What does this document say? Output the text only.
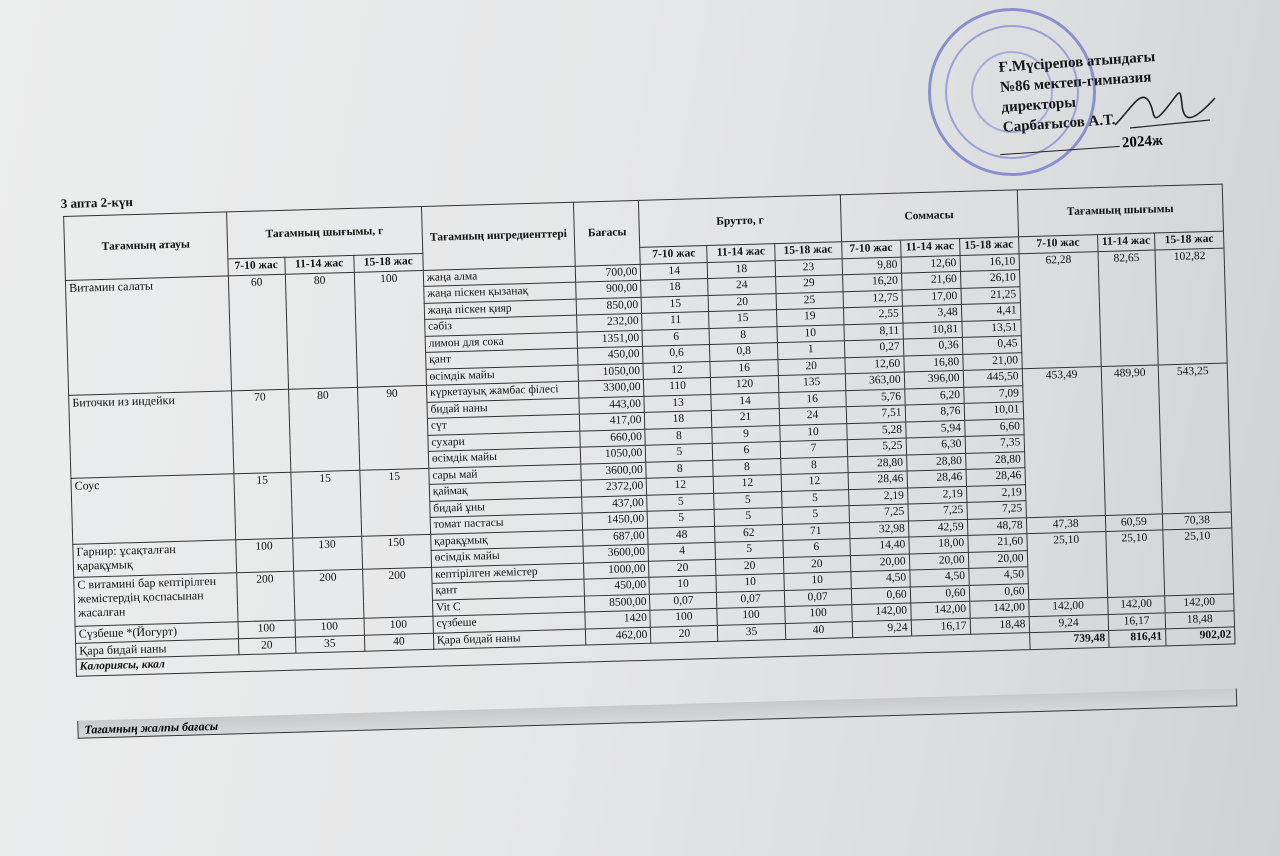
Ғ.Мүсірепов атындағы
№86 мектеп-гимназия
директоры
Сарбағысов А.Т.
2024ж
3 апта 2-күн
Тағамның атауы	Тағамның шығымы, г			Тағамның ингредиенттері	Бағасы	Брутто, г			Соммасы			Тағамның шығымы		
	7-10 жас	11-14 жас	15-18 жас			7-10 жас	11-14 жас	15-18 жас	7-10 жас	11-14 жас	15-18 жас	7-10 жас	11-14 жас	15-18 жас
Витамин салаты	60	80	100	жаңа алма	700,00	14	18	23	9,80	12,60	16,10	62,28	82,65	102,82
				жаңа піскен қызанақ	900,00	18	24	29	16,20	21,60	26,10			
				жаңа піскен қияр	850,00	15	20	25	12,75	17,00	21,25			
				сәбіз	232,00	11	15	19	2,55	3,48	4,41			
				лимон для сока	1351,00	6	8	10	8,11	10,81	13,51			
				қант	450,00	0,6	0,8	1	0,27	0,36	0,45			
				өсімдік майы	1050,00	12	16	20	12,60	16,80	21,00			
Биточки из индейки	70	80	90	күркетауық жамбас філесі	3300,00	110	120	135	363,00	396,00	445,50	453,49	489,90	543,25
				бидай наны	443,00	13	14	16	5,76	6,20	7,09			
				сүт	417,00	18	21	24	7,51	8,76	10,01			
				сухари	660,00	8	9	10	5,28	5,94	6,60			
				өсімдік майы	1050,00	5	6	7	5,25	6,30	7,35			
Соус	15	15	15	сары май	3600,00	8	8	8	28,80	28,80	28,80			
				қаймақ	2372,00	12	12	12	28,46	28,46	28,46			
				бидай ұны	437,00	5	5	5	2,19	2,19	2,19			
				томат пастасы	1450,00	5	5	5	7,25	7,25	7,25			
Гарнир: ұсақталған қарақұмық	100	130	150	қарақұмық	687,00	48	62	71	32,98	42,59	48,78	47,38	60,59	70,38
				өсімдік майы	3600,00	4	5	6	14,40	18,00	21,60	25,10	25,10	25,10
С витамині бар кептірілген жемістердің қоспасынан жасалған	200	200	200	кептірілген жемістер	1000,00	20	20	20	20,00	20,00	20,00			
				қант	450,00	10	10	10	4,50	4,50	4,50			
				Vit C	8500,00	0,07	0,07	0,07	0,60	0,60	0,60			
Сүзбеше *(Йогурт)	100	100	100	сүзбеше	1420	100	100	100	142,00	142,00	142,00	142,00	142,00	142,00
Қара бидай наны	20	35	40	Қара бидай наны	462,00	20	35	40	9,24	16,17	18,48	9,24	16,17	18,48
Калориясы, ккал												739,48	816,41	902,02
Тағамның жалпы бағасы
